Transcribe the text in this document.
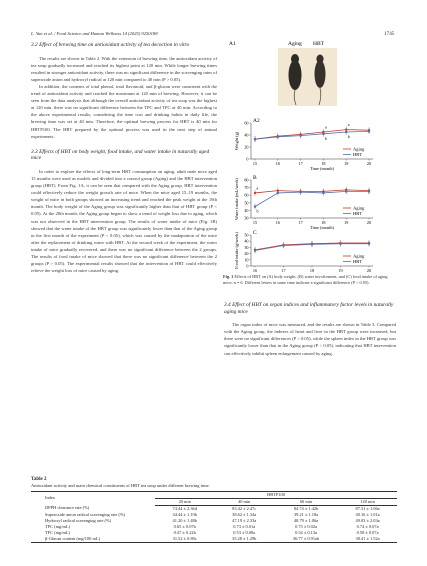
L. Yan et al. / Food Science and Human Wellness 14 (2025) 9250188	1745
3.2 Effect of brewing time on antioxidant activity of tea decoction in vitro
The results are shown in Table 2. With the extension of brewing time, the antioxidant activity of tea soup gradually increased and reached its highest point at 120 min. While longer brewing times resulted in stronger antioxidant activity, there was no significant difference in the scavenging rates of superoxide anion and hydroxyl radical at 120 min compared to 40 min (P > 0.05).
In addition, the contents of total phenol, total flavonoid, and β-glucan were consistent with the trend of antioxidant activity and reached the maximum at 120 min of brewing. However, it can be seen from the data analysis that although the overall antioxidant activity of tea soup was the highest at 120 min, there was no significant difference between the TPC and TFC at 40 min. According to the above experimental results, considering the time cost and drinking habits in daily life, the brewing time was set at 40 min. Therefore, the optimal brewing process for HBT is 40 min for HBTP100. The HBT prepared by the optimal process was used in the next step of animal experiments.
3.3 Effects of HBT on body weight, food intake, and water intake in naturally aged mice
In order to explore the effects of long-term HBT consumption on aging, adult male mice aged 15 months were used as models and divided into a control group (Aging) and the HBT intervention group (HBT). From Fig. 1A, it can be seen that compared with the Aging group, HBT intervention could effectively reduce the weight growth rate of mice. When the mice aged 15–19 months, the weight of mice in both groups showed an increasing trend and reached the peak weight at the 19th month. The body weight of the Aging group was significantly higher than that of HBT group (P < 0.05). At the 20th month, the Aging group began to show a trend of weight loss due to aging, which was not observed in the HBT intervention group. The results of water intake of mice (Fig. 1B) showed that the water intake of the HBT group was significantly lower than that of the Aging group in the first month of the experiment (P < 0.05), which was caused by the inadaptation of the mice after the replacement of drinking water with HBT. At the second week of the experiment, the water intake of mice gradually recovered, and there was no significant difference between the 2 groups. The results of food intake of mice showed that there was no significant difference between the 2 groups (P > 0.05). The experimental results showed that the intervention of HBT could effectively relieve the weight loss of mice caused by aging.
A1	Aging HBT
A2
0
20
40
60
15	16	17	18	19	20
Time (month)
Weight (g)
a
b
a
b
Aging
HBT
B
30
40
50
60
70
80
15	16	17	18	19	20
Time (month)
Water intake (mL/week)	a
b
Aging
HBT
C
0
10
20
30
40
50
16	17	18	19	20
Food intake (g/week)	Aging
HBT
Fig. 1 Effects of HBT on (A) body weight, (B) water involvement, and (C) food intake of aging mice; n = 6. Different letters in same time indicate a significant difference (P < 0.05).
3.4 Effect of HBT on organ indices and inflammatory factor levels in naturally aging mice
The organ index of mice was measured, and the results are shown in Table 3. Compared with the Aging group, the indexes of heart and liver in the HBT group were increased, but there were no significant differences (P > 0.05), while the spleen index in the HBT group was significantly lower than that in the Aging group (P < 0.05), indicating that HBT intervention can effectively inhibit spleen enlargement caused by aging.
Table 2
Antioxidant activity and main chemical constituents of HBT tea soup under different brewing time.
Index	HBTP100			
	20 min	40 min	60 min	120 min
DPPH clearance rate (%)	74.44 ± 2.36d	83.42 ± 2.47c	84.74 ± 1.42b	87.31 ± 1.06a
Superoxide anion radical scavenging rate (%)	34.44 ± 1.19b	38.62 ± 1.34a	39.21 ± 1.18a	40.16 ± 1.01a
Hydroxyl radical scavenging rate (%)	41.20 ± 1.48b	47.19 ± 2.33a	48.79 ± 1.06a	49.03 ± 2.03a
TPC (mg/mL)	0.65 ± 0.07b	0.73 ± 0.01a	0.75 ± 0.02a	0.74 ± 0.07a
TFC (mg/mL)	0.47 ± 0.22b	0.53 ± 0.08a	0.54 ± 0.13a	0.58 ± 0.07a
β-Glucan content (mg/100 mL)	31.52 ± 0.80c	35.28 ± 1.29b	36.77 ± 0.91ab	38.41 ± 1.52a
